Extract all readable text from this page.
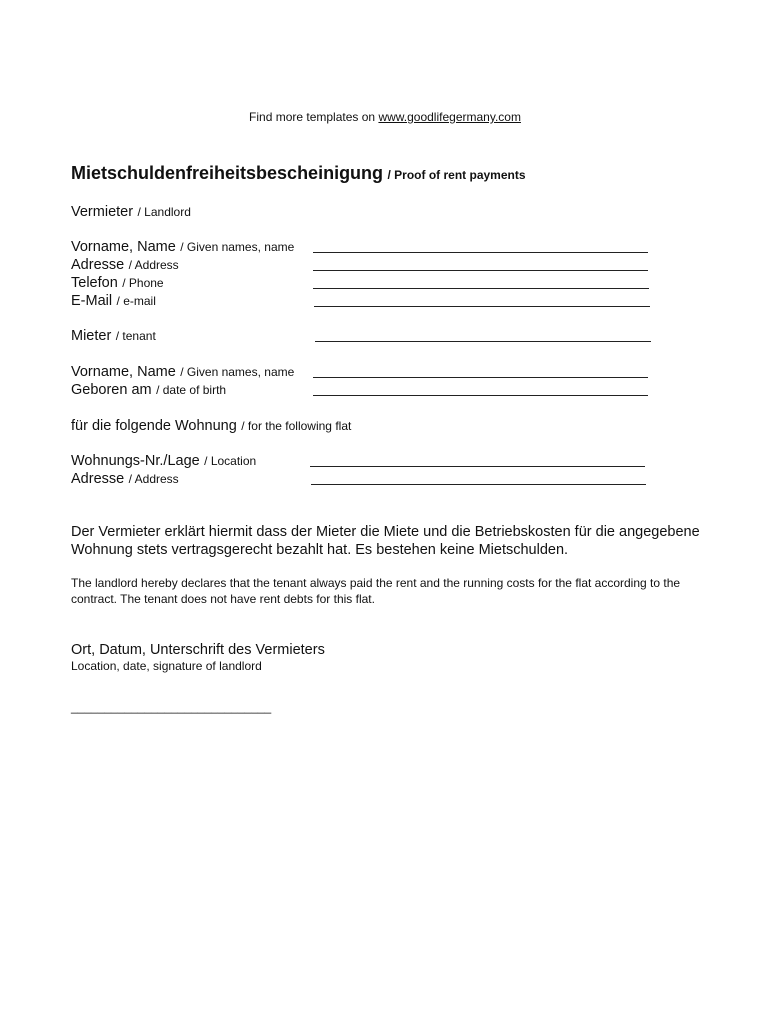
Find more templates on www.goodlifegermany.com
Mietschuldenfreiheitsbescheinigung / Proof of rent payments
Vermieter / Landlord
Vorname, Name / Given names, name
Adresse / Address
Telefon / Phone
E-Mail / e-mail
Mieter / tenant
Vorname, Name / Given names, name
Geboren am / date of birth
für die folgende Wohnung / for the following flat
Wohnungs-Nr./Lage / Location
Adresse / Address
Der Vermieter erklärt hiermit dass der Mieter die Miete und die Betriebskosten für die angegebene Wohnung stets vertragsgerecht bezahlt hat. Es bestehen keine Mietschulden.
The landlord hereby declares that the tenant always paid the rent and the running costs for the flat according to the contract. The tenant does not have rent debts for this flat.
Ort, Datum, Unterschrift des Vermieters
Location, date, signature of landlord
______________________________
